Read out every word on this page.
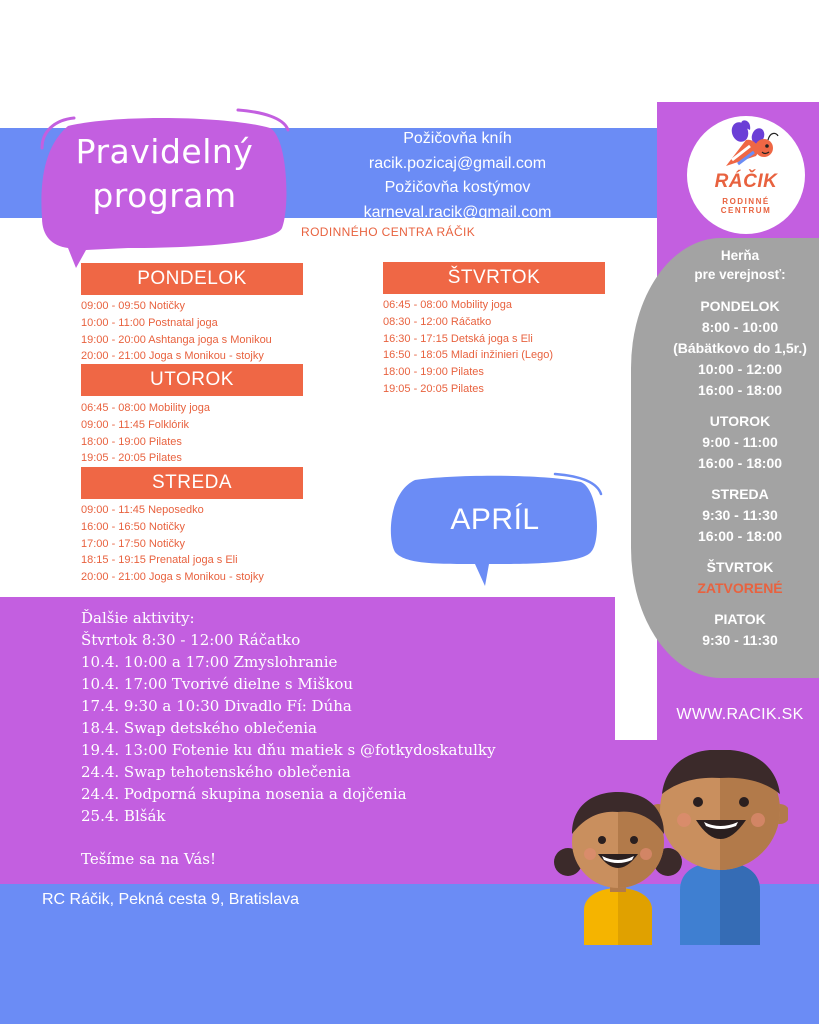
Pravidelný
program
RODINNÉHO CENTRA RÁČIK
Požičovňa kníh
racik.pozicaj@gmail.com
Požičovňa kostýmov
karneval.racik@gmail.com
PONDELOK
09:00 - 09:50 Notičky
10:00 - 11:00 Postnatal joga
19:00 - 20:00 Ashtanga joga s Monikou
20:00 - 21:00 Joga s Monikou - stojky
UTOROK
06:45 - 08:00 Mobility joga
09:00 - 11:45 Folklórik
18:00 - 19:00 Pilates
19:05 - 20:05 Pilates
STREDA
09:00 - 11:45 Neposedko
16:00 - 16:50 Notičky
17:00 - 17:50 Notičky
18:15 - 19:15 Prenatal joga s Eli
20:00 - 21:00 Joga s Monikou - stojky
ŠTVRTOK
06:45 - 08:00 Mobility joga
08:30 - 12:00 Ráčatko
16:30 - 17:15 Detská joga s Eli
16:50 - 18:05 Mladí inžinieri (Lego)
18:00 - 19:00 Pilates
19:05 - 20:05 Pilates
APRÍL
Ďalšie aktivity:
Štvrtok 8:30 - 12:00 Ráčatko
10.4. 10:00 a 17:00 Zmyslohranie
10.4. 17:00 Tvorivé dielne s Miškou
17.4. 9:30 a 10:30 Divadlo Fí: Dúha
18.4. Swap detského oblečenia
19.4. 13:00 Fotenie ku dňu matiek s @fotkydoskatulky
24.4. Swap tehotenského oblečenia
24.4. Podporná skupina nosenia a dojčenia
25.4. Blšák
Tešíme sa na Vás!
RC Ráčik, Pekná cesta 9, Bratislava
RÁČIK
RODINNÉ
CENTRUM
Herňa
pre verejnosť:
PONDELOK
8:00 - 10:00
(Bábätkovo do 1,5r.)
10:00 - 12:00
16:00 - 18:00
UTOROK
9:00 - 11:00
16:00 - 18:00
STREDA
9:30 - 11:30
16:00 - 18:00
ŠTVRTOK
ZATVORENÉ
PIATOK
9:30 - 11:30
WWW.RACIK.SK
